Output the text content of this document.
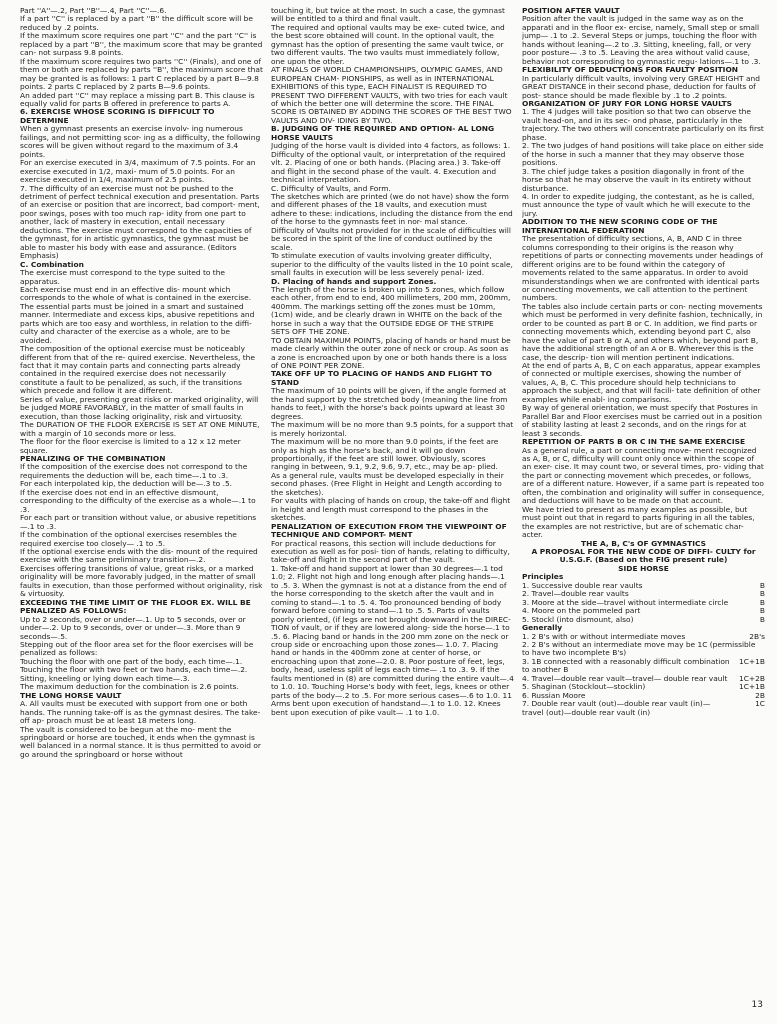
Part ''A''—.2, Part ''B''—.4, Part ''C''—.6.

If a part ''C'' is replaced by a part ''B'' the difficult score will be reduced by .2 points.

If the maximum score requires one part ''C'' and the part ''C'' is replaced by a part ''B'', the maximum score that may be granted can- not surpass 9.8 points.

If the maximum score requires two parts ''C'' (Finals), and one of them or both are replaced by parts ''B'', the maximum score that may be granted is as follows: 1 part C replaced by a part B—9.8 points. 2 parts C replaced by 2 parts B—9.6 points.

An added part ''C'' may replace a missing part B. This clause is equally valid for parts B offered in preference to parts A.

6. EXERCISE WHOSE SCORING IS DIFFICULT TO DETERMINE

When a gymnast presents an exercise involv- ing numerous failings, and not permitting scor- ing as a difficulty, the following scores will be given without regard to the maximum of 3.4 points.

For an exercise executed in 3/4, maximum of 7.5 points. For an exercise executed in 1/2, maxi- mum of 5.0 points. For an exercise executed in 1/4, maximum of 2.5 points.

7. The difficulty of an exercise must not be pushed to the detriment of perfect technical execution and presentation. Parts of an exercise or position that are incorrect, bad comport- ment, poor swings, poses with too much rap- idity from one part to another, lack of mastery in execution, entail necessary deductions. The exercise must correspond to the capacities of the gymnast, for in artistic gymnastics, the gymnast must be able to master his body with ease and assurance. (Editors Emphasis)

C. Combination

The exercise must correspond to the type suited to the apparatus.

Each exercise must end in an effective dis- mount which corresponds to the whole of what is contained in the exercise.

The essential parts must be joined in a smart and sustained manner. Intermediate and excess kips, abusive repetitions and parts which are too easy and worthless, in relation to the diffi- culty and character of the exercise as a whole, are to be avoided.

The composition of the optional exercise must be noticeably different from that of the re- quired exercise. Nevertheless, the fact that it may contain parts and connecting parts already contained in the required exercise does not necessarily constitute a fault to be penalized, as such, if the transitions which precede and follow it are different.

Series of value, presenting great risks or marked originality, will be judged MORE FAVORABLY, in the matter of small faults in execution, than those lacking originality, risk and virtuosity.

The DURATION OF THE FLOOR EXERCISE IS SET AT ONE MINUTE, with a margin of 10 seconds more or less.

The floor for the floor exercise is limited to a 12 x 12 meter square.

PENALIZING OF THE COMBINATION

If the composition of the exercise does not correspond to the requirements the deduction will be, each time—.1 to .3.

For each interpolated kip, the deduction will be—.3 to .5.

If the exercise does not end in an effective dismount, corresponding to the difficulty of the exercise as a whole—.1 to .3.

For each part or transition without value, or abusive repetitions—.1 to .3.

If the combination of the optional exercises resembles the required exercise too closely— .1 to .5.

If the optional exercise ends with the dis- mount of the required exercise with the same preliminary transition—.2.

Exercises offering transitions of value, great risks, or a marked originality will be more favorably judged, in the matter of small faults in execution, than those performed without originality, risk & virtuosity.

EXCEEDING THE TIME LIMIT OF THE FLOOR EX. WILL BE PENALIZED AS FOLLOWS:

Up to 2 seconds, over or under—.1. Up to 5 seconds, over or under—.2. Up to 9 seconds, over or under—.3. More than 9 seconds—.5.

Stepping out of the floor area set for the floor exercises will be penalized as follows:

Touching the floor with one part of the body, each time—.1. Touching the floor with two feet or two hands, each time—.2. Sitting, kneeling or lying down each time—.3.

The maximum deduction for the combination is 2.6 points.

THE LONG HORSE VAULT

A. All vaults must be executed with support from one or both hands. The running take-off is as the gymnast desires. The take-off ap- proach must be at least 18 meters long.

The vault is considered to be begun at the mo- ment the springboard or horse are touched, it ends when the gymnast is well balanced in a normal stance. It is thus permitted to avoid or go around the springboard or horse without

touching it, but twice at the most. In such a case, the gymnast will be entitled to a third and final vault.

The required and optional vaults may be exe- cuted twice, and the best score obtained will count. In the optional vault, the gymnast has the option of presenting the same vault twice, or two different vaults. The two vaults must immediately follow, one upon the other.

AT FINALS OF WORLD CHAMPIONSHIPS, OLYMPIC GAMES, AND EUROPEAN CHAM- PIONSHIPS, as well as in INTERNATIONAL EXHIBITIONS of this type, EACH FINALIST IS REQUIRED TO PRESENT TWO DIFFERENT VAULTS, with two tries for each vault of which the better one will determine the score. THE FINAL SCORE IS OBTAINED BY ADDING THE SCORES OF THE BEST TWO VAULTS AND DIV- IDING BY TWO.

B. JUDGING OF THE REQUIRED AND OPTION- AL LONG HORSE VAULTS

Judging of the horse vault is divided into 4 factors, as follows: 1. Difficulty of the optional vault, or interpretation of the required vlt. 2. Placing of one or both hands. (Placing area.) 3. Take-off and flight in the second phase of the vault. 4. Execution and technical interpretation.

C. Difficulty of Vaults, and Form.

The sketches which are printed (we do not have) show the form and different phases of the 18 vaults, and execution must adhere to these: indications, including the distance from the end of the horse to the gymnasts feet in nor- mal stance.

Difficulty of Vaults not provided for in the scale of difficulties will be scored in the spirit of the line of conduct outlined by the scale.

To stimulate execution of vaults involving greater difficulty, superior to the difficulty of the vaults listed in the 10 point scale, small faults in execution will be less severely penal- ized.

D. Placing of hands and support Zones.

The length of the horse is broken up into 5 zones, which follow each other, from end to end, 400 millimeters, 200 mm, 200mm, 400mm. The markings setting off the zones must be 10mm, (1cm) wide, and be clearly drawn in WHITE on the back of the horse in such a way that the OUTSIDE EDGE OF THE STRIPE SETS OFF THE ZONE.

TO OBTAIN MAXIMUM POINTS, placing of hands or hand must be made clearly within the outer zone of neck or croup. As soon as a zone is encroached upon by one or both hands there is a loss of ONE POINT PER ZONE.

TAKE OFF UP TO PLACING OF HANDS AND FLIGHT TO STAND

The maximum of 10 points will be given, if the angle formed at the hand support by the stretched body (meaning the line from hands to feet,) with the horse's back points upward at least 30 degrees.

The maximum will be no more than 9.5 points, for a support that is merely horizontal.

The maximum will be no more than 9.0 points, if the feet are only as high as the horse's back, and it will go down proportionally, if the feet are still lower. Obviously, scores ranging in between, 9.1, 9.2, 9.6, 9.7, etc., may be ap- plied.

As a general rule, vaults must be developed especially in their second phases. (Free Flight in Height and Length according to the sketches).

For vaults with placing of hands on croup, the take-off and flight in height and length must correspond to the phases in the sketches.

PENALIZATION OF EXECUTION FROM THE VIEWPOINT OF TECHNIQUE AND COMPORT- MENT

For practical reasons, this section will include deductions for execution as well as for posi- tion of hands, relating to difficulty, take-off and flight in the second part of the vault.

1. Take-off and hand support at lower than 30 degrees—.1 tod 1.0; 2. Flight not high and long enough after placing hands—.1 to .5. 3. When the gymnast is not at a distance from the end of the horse corresponding to the sketch after the vault and in coming to stand—.1 to .5. 4. Too pronounced bending of body forward before coming to stand—.1 to .5. 5. Parts of vaults poorly oriented, (if legs are not brought downward in the DIREC- TION of vault, or if they are lowered along- side the horse—.1 to .5. 6. Placing band or hands in the 200 mm zone on the neck or croup side or encroaching upon those zones— 1.0. 7. Placing hand or hands in the 400mm zone at center of horse, or encroaching upon that zone—2.0. 8. Poor posture of feet, legs, body, head, useless split of legs each time— .1 to .3. 9. If the faults mentioned in (8) are committed during the entire vault—.4 to 1.0. 10. Touching Horse's body with feet, legs, knees or other parts of the body—.2 to .5. For more serious cases—.6 to 1.0. 11 Arms bent upon execution of handstand—.1 to 1.0. 12. Knees bent upon execution of pike vault— .1 to 1.0.

POSITION AFTER VAULT

Position after the vault is judged in the same way as on the apparati and in the floor ex- ercise, namely, Small step or small jump— .1 to .2. Several Steps or jumps, touching the floor with hands without leaning—.2 to .3. Sitting, kneeling, fall, or very poor posture— .3 to .5. Leaving the area without valid cause, behavior not corresponding to gymnastic regu- lations—.1 to .3.

FLEXIBILITY OF DEDUCTIONS FOR FAULTY POSITION

In particularly difficult vaults, involving very GREAT HEIGHT and GREAT DISTANCE in their second phase, deduction for faults of post- stance should be made flexible by .1 to .2 points.

ORGANIZATION OF JURY FOR LONG HORSE VAULTS

1. The 4 judges will take position so that two can observe the vault head-on, and in its sec- ond phase, particularly in the trajectory. The two others will concentrate particularly on its first phase.

2. The two judges of hand positions will take place on either side of the horse in such a manner that they may observe those positions.

3. The chief judge takes a position diagonally in front of the horse so that he may observe the vault in its entirety without disturbance.

4. In order to expedite judging, the contestant, as he is called, must announce the type of vault which he will execute to the jury.

ADDITION TO THE NEW SCORING CODE OF THE INTERNATIONAL FEDERATION

The presentation of difficulty sections, A, B, AND C in three columns corresponding to their origins is the reason why repetitions of parts or connecting movements under headings of different origins are to be found within the category of movements related to the same apparatus. In order to avoid misunderstandings when we are confronted with identical parts or connecting movements, we call attention to the pertinent numbers.

The tables also include certain parts or con- necting movements which must be performed in very definite fashion, technically, in order to be counted as part B or C. In addition, we find parts or connecting movements which, extending beyond part C, also have the value of part B or A, and others which, beyond part B, have the additional strength of an A or B. Wherever this is the case, the descrip- tion will mention pertinent indications.

At the end of parts A, B, C on each apparatus, appear examples of connected or multiple exercises, showing the number of values, A, B, C. This procedure should help technicians to approach the subject, and that will facili- tate definition of other examples while enabl- ing comparisons.

By way of general orientation, we must specify that Postures in Parallel Bar and Floor exercises must be carried out in a position of stability lasting at least 2 seconds, and on the rings for at least 3 seconds.

REPETITION OF PARTS B OR C IN THE SAME EXERCISE

As a general rule, a part or connecting move- ment recognized as A, B, or C, difficulty will count only once within the scope of an exer- cise. It may count two, or several times, pro- viding that the part or connecting movement which precedes, or follows, are of a different nature. However, if a same part is repeated too often, the combination and originality will suffer in consequence, and deductions will have to be made on that account.

We have tried to present as many examples as possible, but must point out that in regard to parts figuring in all the tables, the examples are not restrictive, but are of schematic char- acter.

THE A, B, C's OF GYMNASTICS

A PROPOSAL FOR THE NEW CODE OF DIFFI- CULTY for U.S.G.F. (Based on the FIG present rule)

SIDE HORSE

Principles

1. Successive double rear vaults	B
2. Travel—double rear vaults	B
3. Moore at the side—travel without intermediate circle	B
4. Moore on the pommeled part	B
5. Stockl (into dismount, also)	B

Generally

1. 2 B's with or without intermediate moves	2B's

2. 2 B's without an intermediate move may be 1C (permissible to have two incomplete B's)

3. 1B connected with a reasonably difficult combination to another B
1C+1B
4. Travel—double rear vault—travel— double rear vault	1C+2B
5. Shaginan (Stocklout—stocklin)	1C+1B
6. Russian Moore	2B
7. Double rear vault (out)—double rear vault (in)—travel (out)—double rear vault (in)
1C
13
